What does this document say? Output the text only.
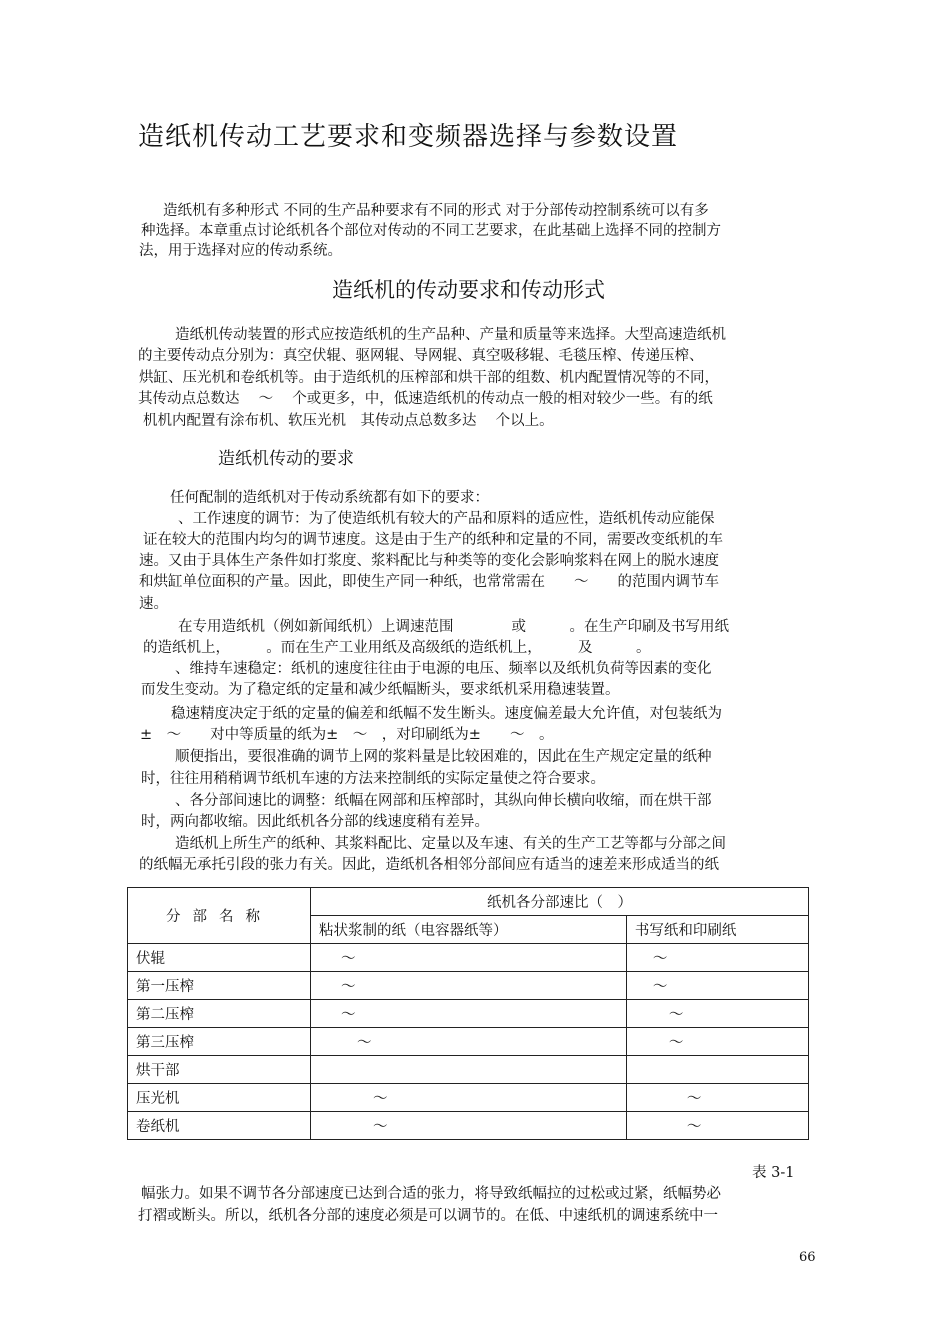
造纸机传动工艺要求和变频器选择与参数设置
造纸机有多种形式 不同的生产品种要求有不同的形式 对于分部传动控制系统可以有多
种选择。本章重点讨论纸机各个部位对传动的不同工艺要求，在此基础上选择不同的控制方
法，用于选择对应的传动系统。
造纸机的传动要求和传动形式
造纸机传动装置的形式应按造纸机的生产品种、产量和质量等来选择。大型高速造纸机
的主要传动点分别为：真空伏辊、驱网辊、导网辊、真空吸移辊、毛毯压榨、传递压榨、
烘缸、压光机和卷纸机等。由于造纸机的压榨部和烘干部的组数、机内配置情况等的不同，
其传动点总数达　 ～　 个或更多，中，低速造纸机的传动点一般的相对较少一些。有的纸
机机内配置有涂布机、软压光机　其传动点总数多达　 个以上。
造纸机传动的要求
任何配制的造纸机对于传动系统都有如下的要求：
、工作速度的调节：为了使造纸机有较大的产品和原料的适应性，造纸机传动应能保
证在较大的范围内均匀的调节速度。这是由于生产的纸种和定量的不同，需要改变纸机的车
速。又由于具体生产条件如打浆度、浆料配比与种类等的变化会影响浆料在网上的脱水速度
和烘缸单位面积的产量。因此，即使生产同一种纸，也常常需在　　～　　的范围内调节车
速。
在专用造纸机（例如新闻纸机）上调速范围　　　　或　　　。在生产印刷及书写用纸
的造纸机上，　　　。而在生产工业用纸及高级纸的造纸机上，　　　及　　　。
、维持车速稳定：纸机的速度往往由于电源的电压、频率以及纸机负荷等因素的变化
而发生变动。为了稳定纸的定量和减少纸幅断头，要求纸机采用稳速装置。
稳速精度决定于纸的定量的偏差和纸幅不发生断头。速度偏差最大允许值，对包装纸为
±　～　　对中等质量的纸为±　～　，对印刷纸为±　　～　。
顺便指出，要很准确的调节上网的浆料量是比较困难的，因此在生产规定定量的纸种
时，往往用稍稍调节纸机车速的方法来控制纸的实际定量使之符合要求。
、各分部间速比的调整：纸幅在网部和压榨部时，其纵向伸长横向收缩，而在烘干部
时，两向都收缩。因此纸机各分部的线速度稍有差异。
造纸机上所生产的纸种、其浆料配比、定量以及车速、有关的生产工艺等都与分部之间
的纸幅无承托引段的张力有关。因此，造纸机各相邻分部间应有适当的速差来形成适当的纸
分部名称	纸机各分部速比（　）	
	粘状浆制的纸（电容器纸等）	书写纸和印刷纸
伏辊	～	～
第一压榨	～	～
第二压榨	～	～
第三压榨	～	～
烘干部		
压光机	～	～
卷纸机	～	～
表 3-1
幅张力。如果不调节各分部速度已达到合适的张力，将导致纸幅拉的过松或过紧，纸幅势必
打褶或断头。所以，纸机各分部的速度必须是可以调节的。在低、中速纸机的调速系统中一
66
